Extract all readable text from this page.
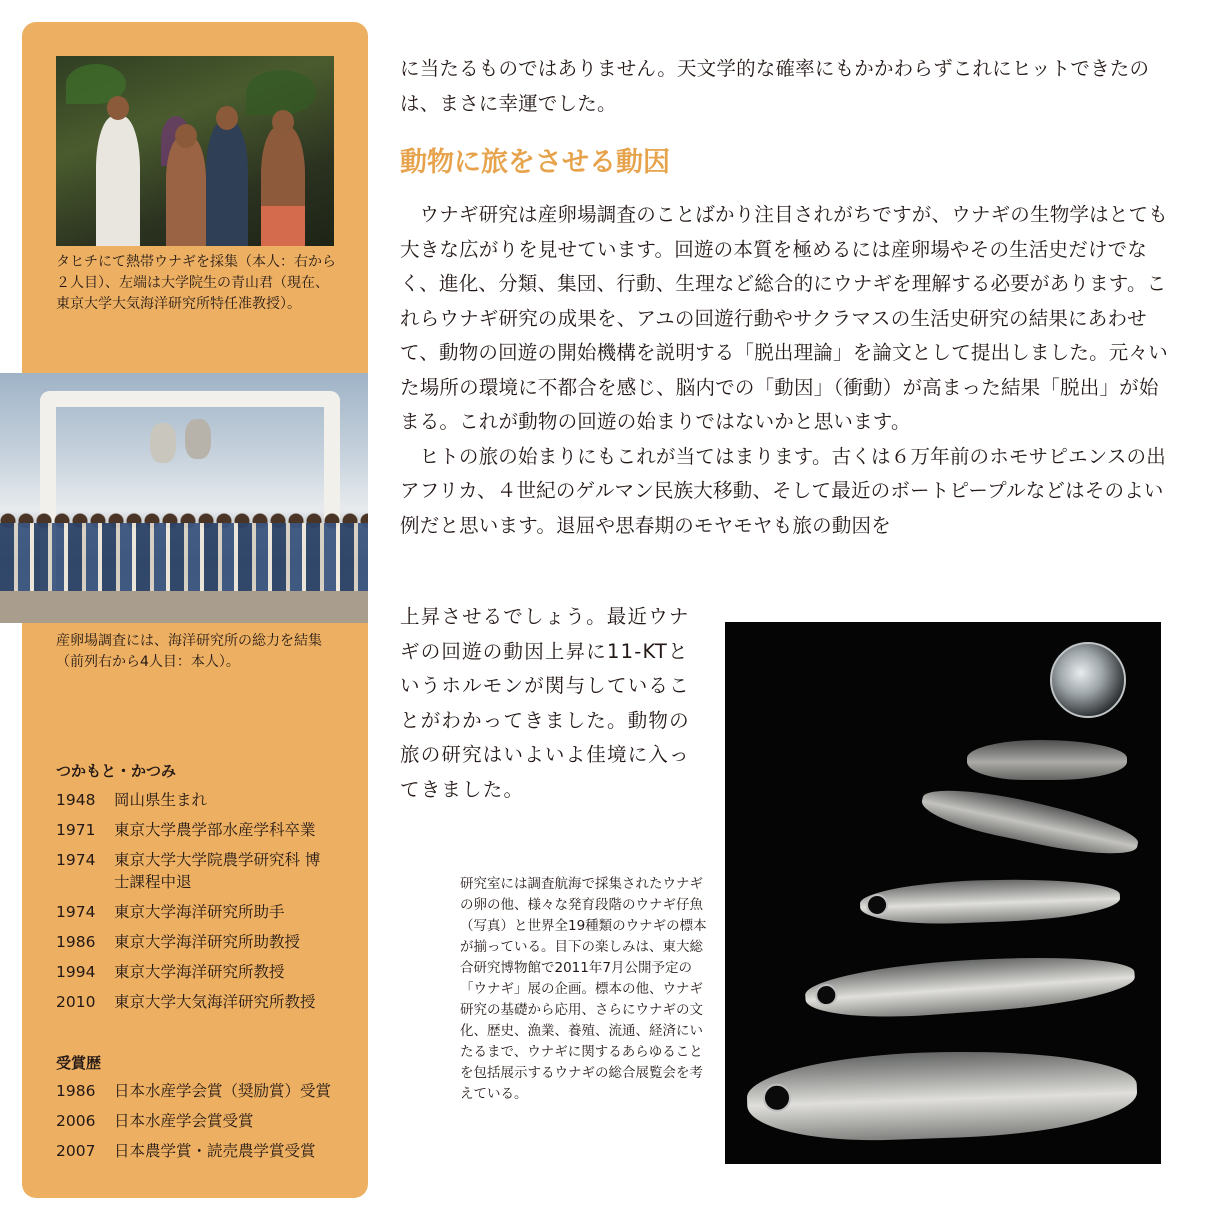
タヒチにて熱帯ウナギを採集（本人：右から２人目）、左端は大学院生の青山君（現在、東京大学大気海洋研究所特任准教授）。
産卵場調査には、海洋研究所の総力を結集（前列右から4人目：本人）。
つかもと・かつみ
1948	岡山県生まれ
1971	東京大学農学部水産学科卒業
1974	東京大学大学院農学研究科 博士課程中退
1974	東京大学海洋研究所助手
1986	東京大学海洋研究所助教授
1994	東京大学海洋研究所教授
2010	東京大学大気海洋研究所教授
受賞歴
1986	日本水産学会賞（奨励賞）受賞
2006	日本水産学会賞受賞
2007	日本農学賞・読売農学賞受賞

に当たるものではありません。天文学的な確率にもかかわらずこれにヒットできたのは、まさに幸運でした。

動物に旅をさせる動因

ウナギ研究は産卵場調査のことばかり注目されがちですが、ウナギの生物学はとても大きな広がりを見せています。回遊の本質を極めるには産卵場やその生活史だけでなく、進化、分類、集団、行動、生理など総合的にウナギを理解する必要があります。これらウナギ研究の成果を、アユの回遊行動やサクラマスの生活史研究の結果にあわせて、動物の回遊の開始機構を説明する「脱出理論」を論文として提出しました。元々いた場所の環境に不都合を感じ、脳内での「動因」（衝動）が高まった結果「脱出」が始まる。これが動物の回遊の始まりではないかと思います。

ヒトの旅の始まりにもこれが当てはまります。古くは６万年前のホモサピエンスの出アフリカ、４世紀のゲルマン民族大移動、そして最近のボートピープルなどはそのよい例だと思います。退屈や思春期のモヤモヤも旅の動因を

上昇させるでしょう。最近ウナギの回遊の動因上昇に11-KTというホルモンが関与していることがわかってきました。動物の旅の研究はいよいよ佳境に入ってきました。

研究室には調査航海で採集されたウナギの卵の他、様々な発育段階のウナギ仔魚（写真）と世界全19種類のウナギの標本が揃っている。目下の楽しみは、東大総合研究博物館で2011年7月公開予定の「ウナギ」展の企画。標本の他、ウナギ研究の基礎から応用、さらにウナギの文化、歴史、漁業、養殖、流通、経済にいたるまで、ウナギに関するあらゆることを包括展示するウナギの総合展覧会を考えている。
